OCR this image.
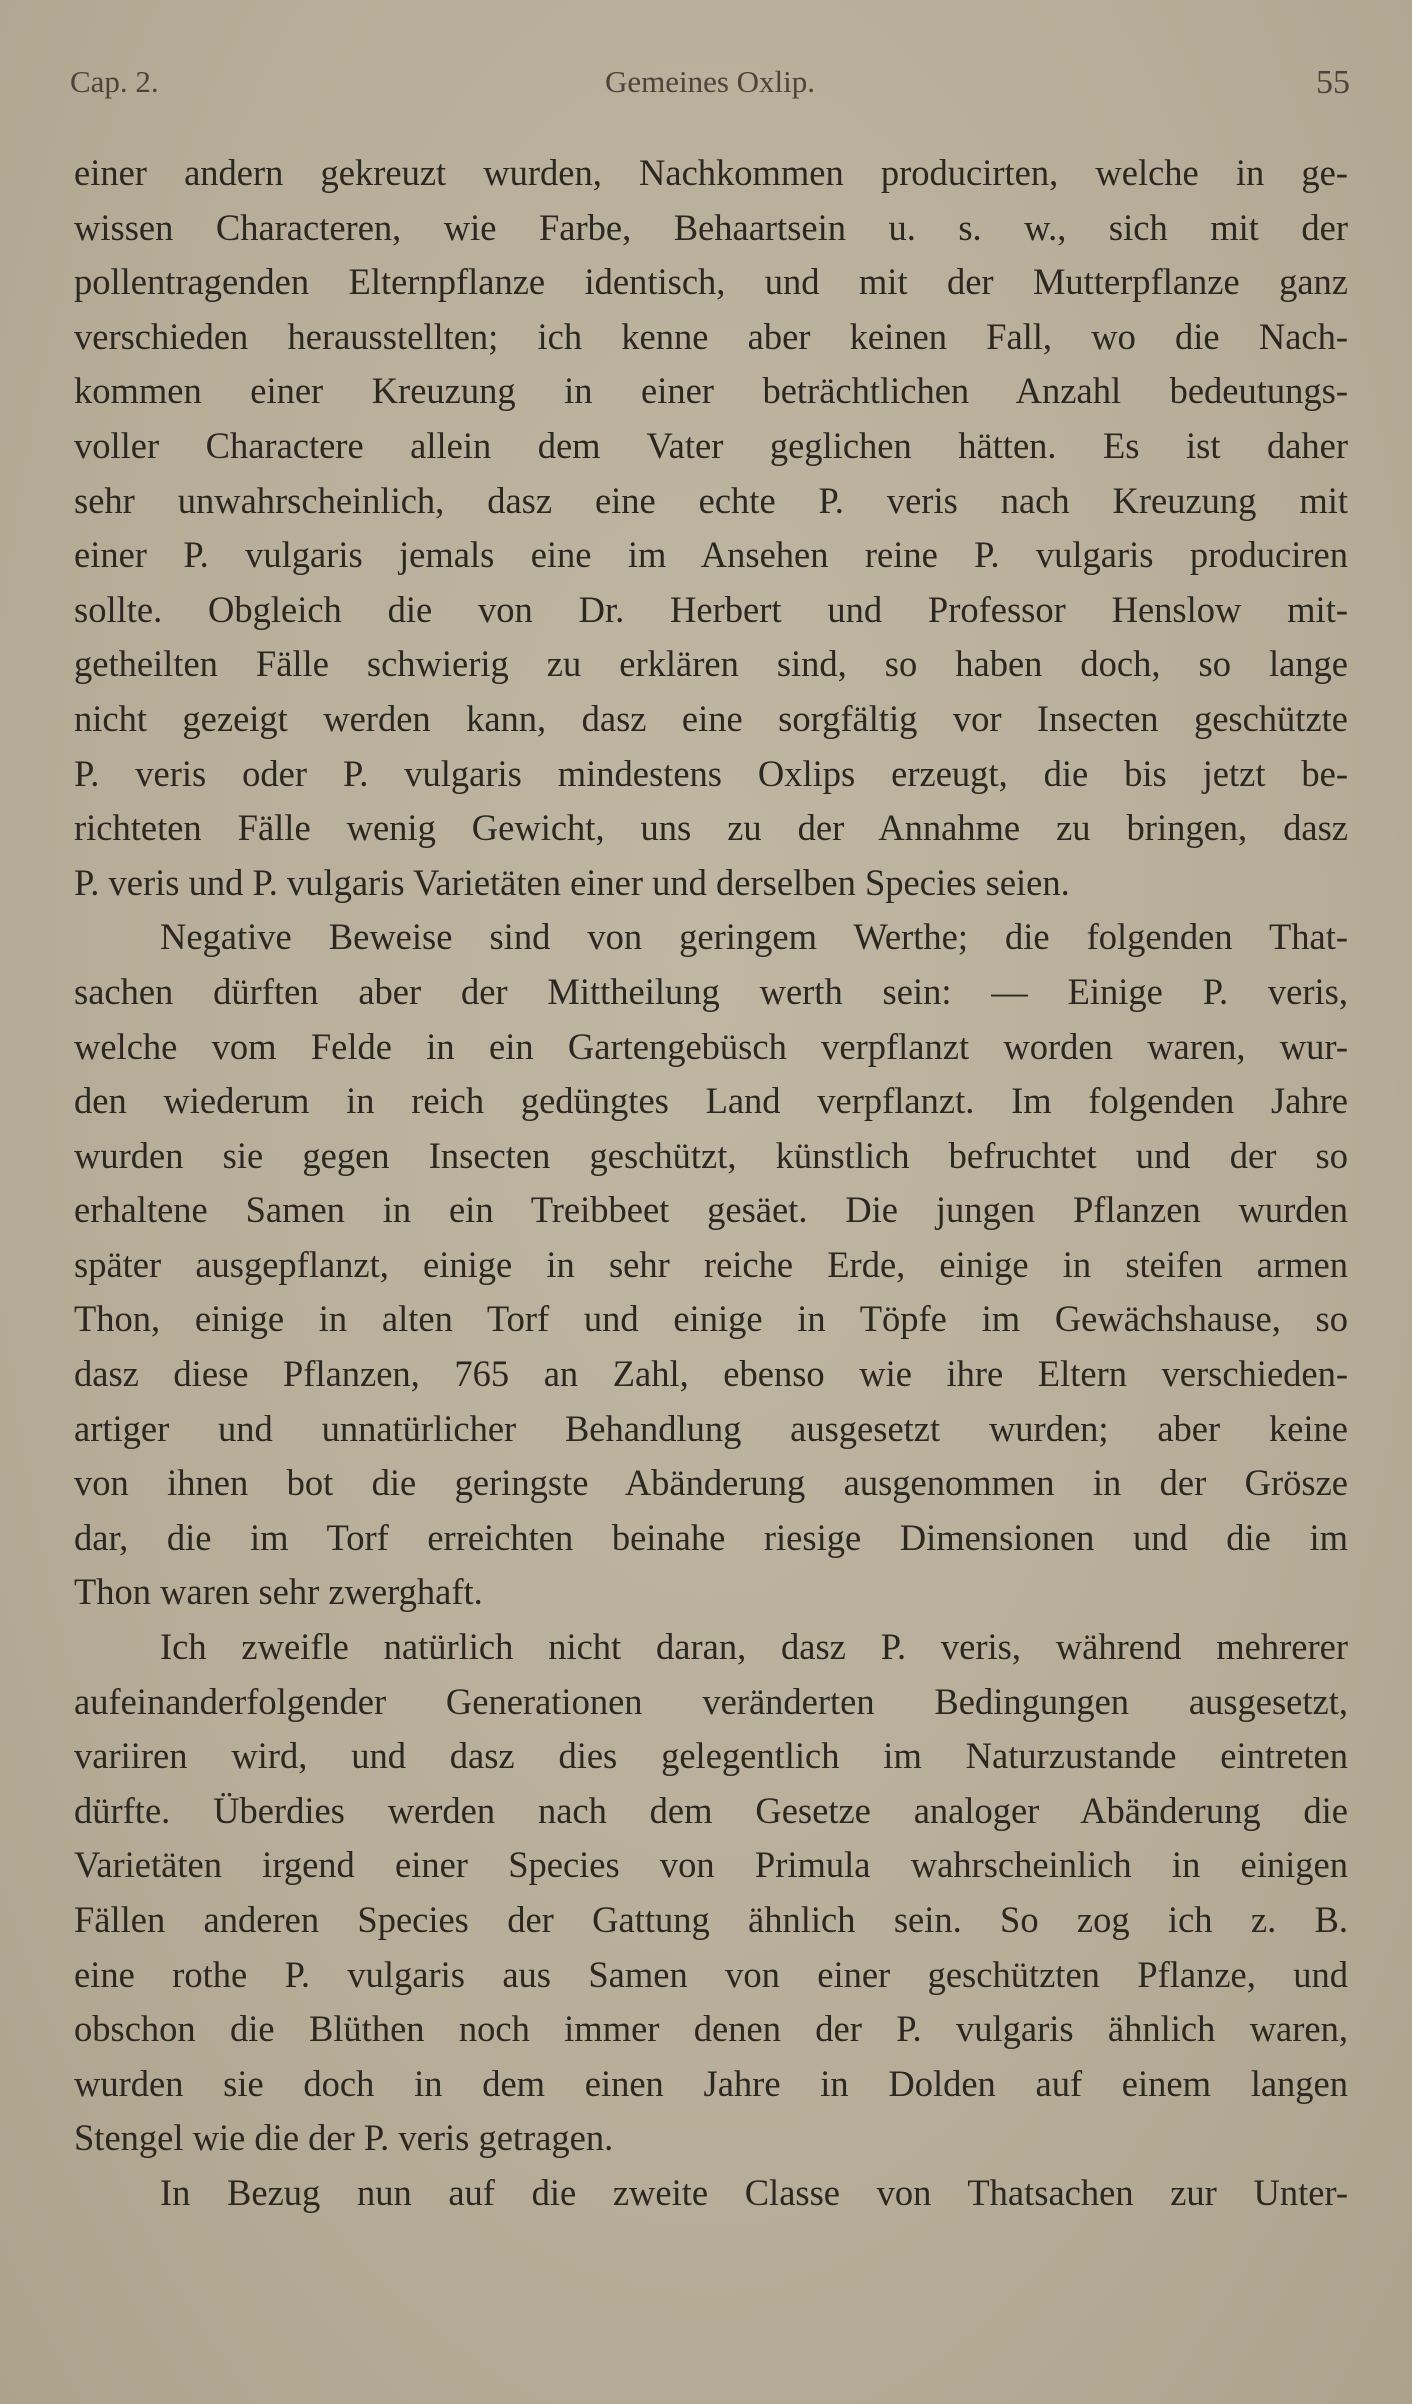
Cap. 2.	Gemeines Oxlip.	55
einer andern gekreuzt wurden, Nachkommen producirten, welche in ge-
wissen Characteren, wie Farbe, Behaartsein u. s. w., sich mit der
pollentragenden Elternpflanze identisch, und mit der Mutterpflanze ganz
verschieden herausstellten; ich kenne aber keinen Fall, wo die Nach-
kommen einer Kreuzung in einer beträchtlichen Anzahl bedeutungs-
voller Charactere allein dem Vater geglichen hätten. Es ist daher
sehr unwahrscheinlich, dasz eine echte P. veris nach Kreuzung mit
einer P. vulgaris jemals eine im Ansehen reine P. vulgaris produciren
sollte. Obgleich die von Dr. Herbert und Professor Henslow mit-
getheilten Fälle schwierig zu erklären sind, so haben doch, so lange
nicht gezeigt werden kann, dasz eine sorgfältig vor Insecten geschützte
P. veris oder P. vulgaris mindestens Oxlips erzeugt, die bis jetzt be-
richteten Fälle wenig Gewicht, uns zu der Annahme zu bringen, dasz
P. veris und P. vulgaris Varietäten einer und derselben Species seien.
Negative Beweise sind von geringem Werthe; die folgenden That-
sachen dürften aber der Mittheilung werth sein: — Einige P. veris,
welche vom Felde in ein Gartengebüsch verpflanzt worden waren, wur-
den wiederum in reich gedüngtes Land verpflanzt. Im folgenden Jahre
wurden sie gegen Insecten geschützt, künstlich befruchtet und der so
erhaltene Samen in ein Treibbeet gesäet. Die jungen Pflanzen wurden
später ausgepflanzt, einige in sehr reiche Erde, einige in steifen armen
Thon, einige in alten Torf und einige in Töpfe im Gewächshause, so
dasz diese Pflanzen, 765 an Zahl, ebenso wie ihre Eltern verschieden-
artiger und unnatürlicher Behandlung ausgesetzt wurden; aber keine
von ihnen bot die geringste Abänderung ausgenommen in der Grösze
dar, die im Torf erreichten beinahe riesige Dimensionen und die im
Thon waren sehr zwerghaft.
Ich zweifle natürlich nicht daran, dasz P. veris, während mehrerer
aufeinanderfolgender Generationen veränderten Bedingungen ausgesetzt,
variiren wird, und dasz dies gelegentlich im Naturzustande eintreten
dürfte. Überdies werden nach dem Gesetze analoger Abänderung die
Varietäten irgend einer Species von Primula wahrscheinlich in einigen
Fällen anderen Species der Gattung ähnlich sein. So zog ich z. B.
eine rothe P. vulgaris aus Samen von einer geschützten Pflanze, und
obschon die Blüthen noch immer denen der P. vulgaris ähnlich waren,
wurden sie doch in dem einen Jahre in Dolden auf einem langen
Stengel wie die der P. veris getragen.
In Bezug nun auf die zweite Classe von Thatsachen zur Unter-
